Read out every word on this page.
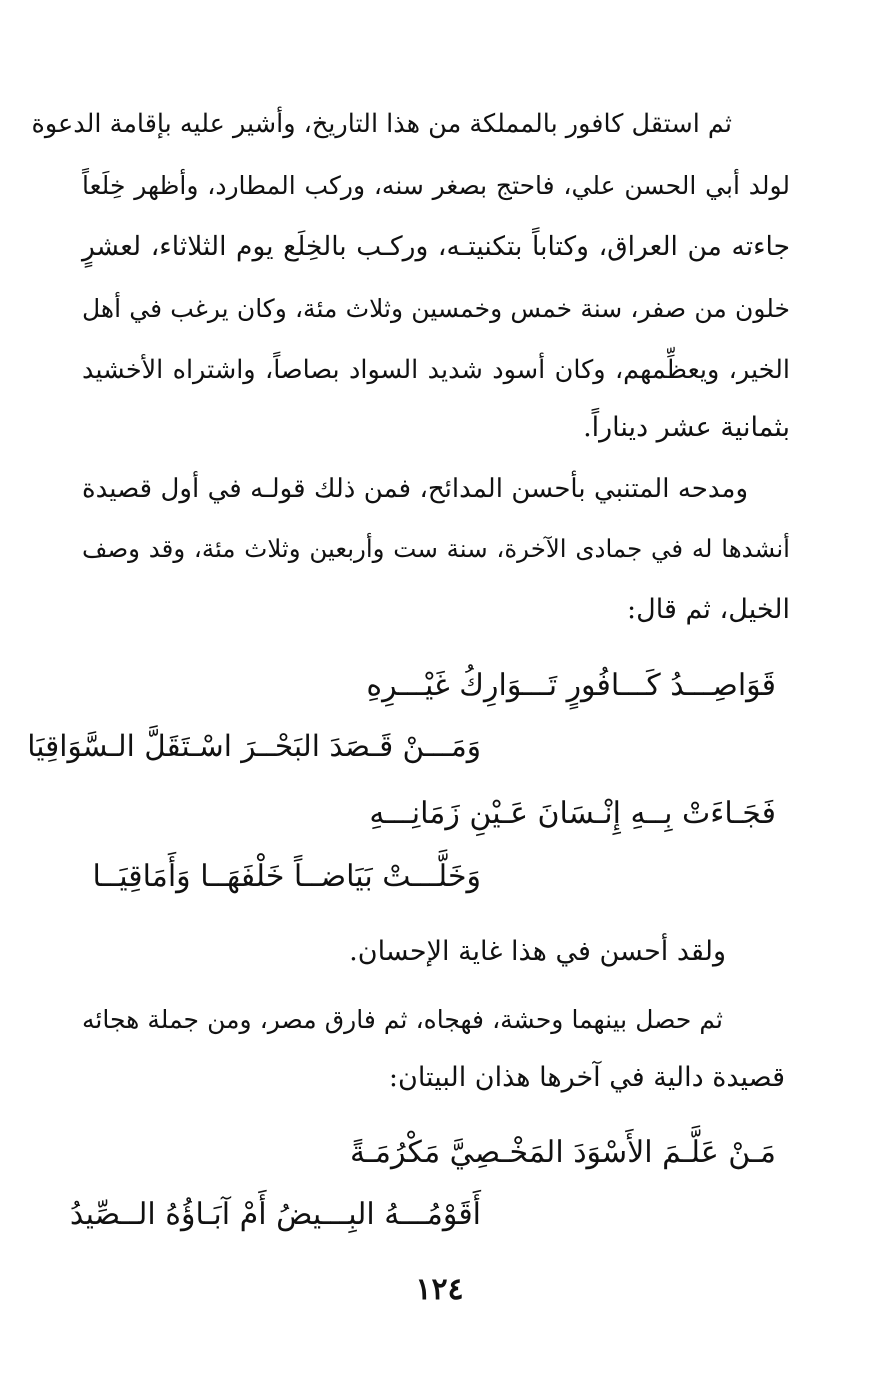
ثم استقل كافور بالمملكة من هذا التاريخ، وأشير عليه بإقامة الدعوة
لولد أبي الحسن علي، فاحتج بصغر سنه، وركب المطارد، وأظهر خِلَعاً
جاءته من العراق، وكتاباً بتكنيتـه، وركـب بالخِلَع يوم الثلاثاء، لعشرٍ
خلون من صفر، سنة خمس وخمسين وثلاث مئة، وكان يرغب في أهل
الخير، ويعظِّمهم، وكان أسود شديد السواد بصاصاً، واشتراه الأخشيد
بثمانية عشر ديناراً.
ومدحه المتنبي بأحسن المدائح، فمن ذلك قولـه في أول قصيدة
أنشدها له في جمادى الآخرة، سنة ست وأربعين وثلاث مئة، وقد وصف
الخيل، ثم قال:
قَوَاصِـــدُ كَـــافُورٍ تَـــوَارِكُ غَيْـــرِهِ
وَمَـــنْ قَـصَدَ البَحْــرَ اسْـتَقَلَّ الـسَّوَاقِيَا
فَجَـاءَتْ بِــهِ إِنْـسَانَ عَـيْنِ زَمَانِـــهِ
وَخَلَّـــتْ بَيَاضــاً خَلْفَهَــا وَأَمَاقِيَــا
ولقد أحسن في هذا غاية الإحسان.
ثم حصل بينهما وحشة، فهجاه، ثم فارق مصر، ومن جملة هجائه
قصيدة دالية في آخرها هذان البيتان:
مَـنْ عَلَّـمَ الأَسْوَدَ المَخْـصِيَّ مَكْرُمَـةً
أَقَوْمُـــهُ البِـــيضُ أَمْ آبَـاؤُهُ الــصِّيدُ
١٢٤
